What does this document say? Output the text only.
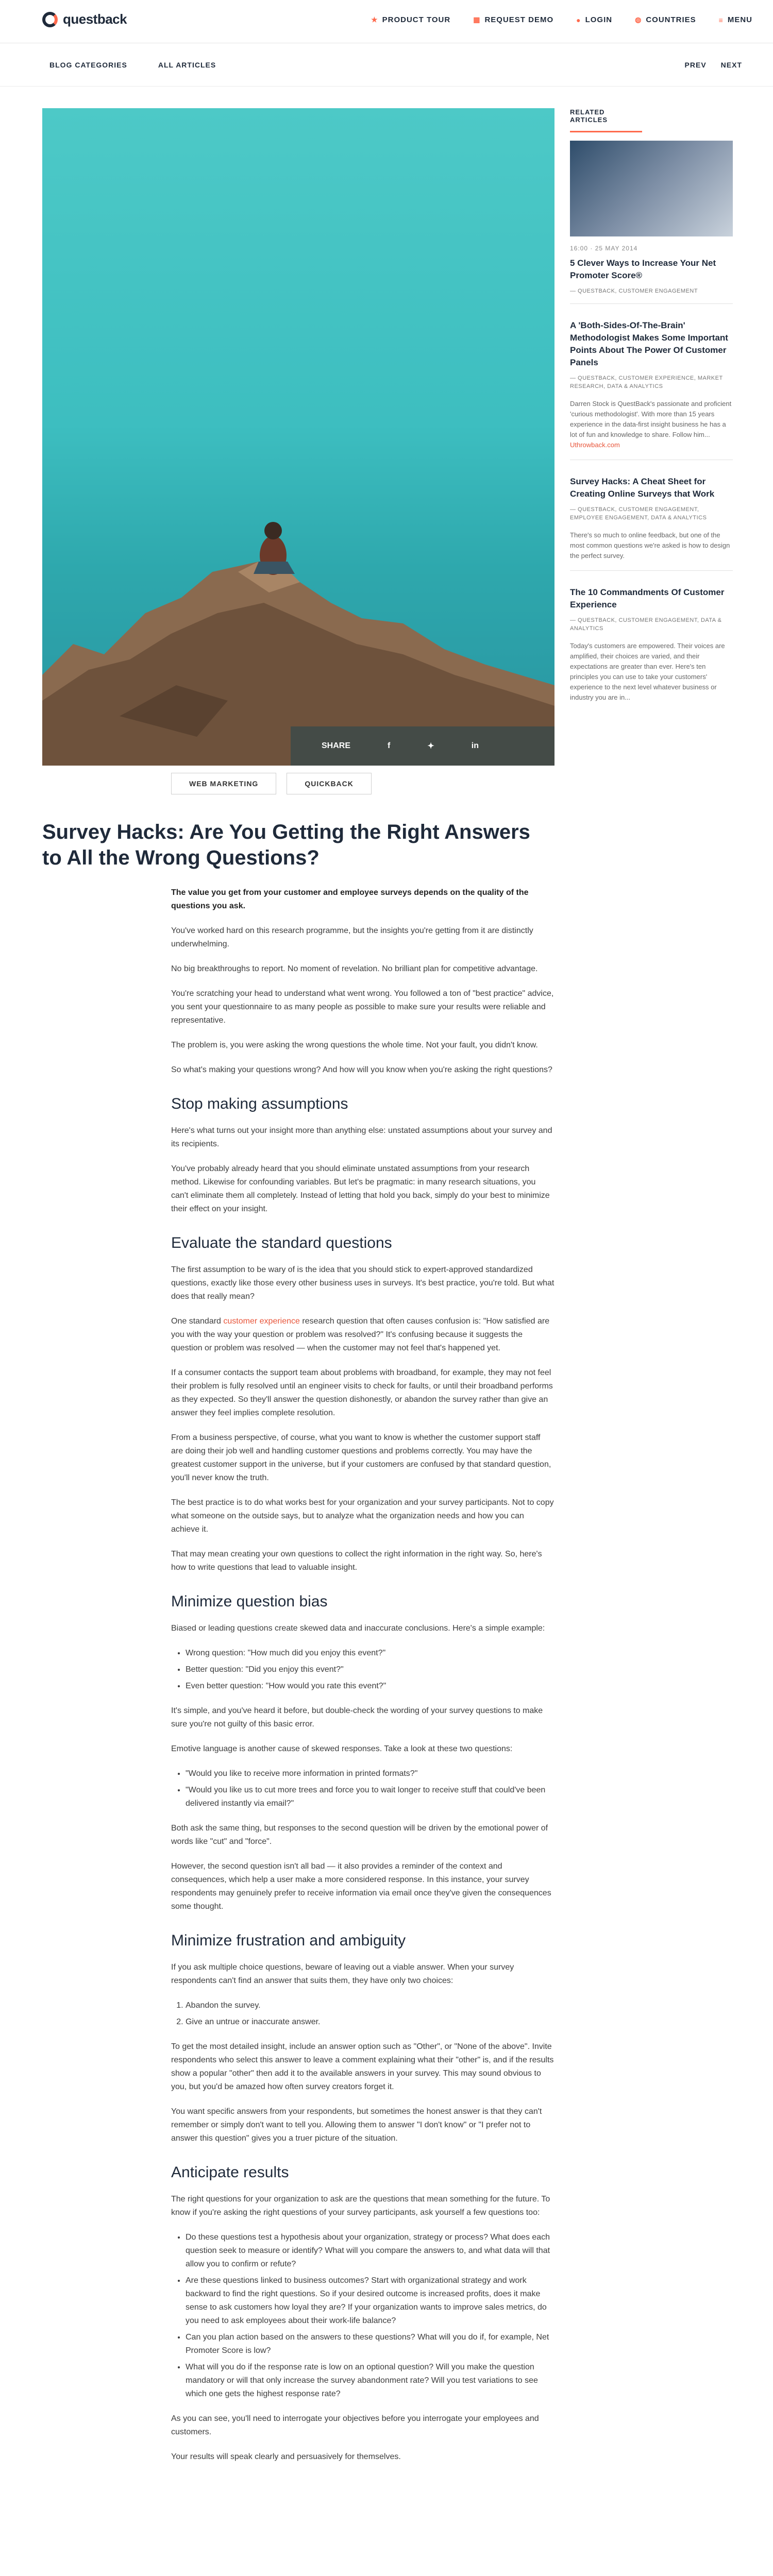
questback	★ PRODUCT TOUR	▦ REQUEST DEMO	● LOGIN	◍ COUNTRIES	≡ MENU
BLOG CATEGORIES	ALL ARTICLES	PREV NEXT
SHARE	f	✦	in
WEB MARKETING	QUICKBACK
Survey Hacks: Are You Getting the Right Answers to All the Wrong Questions?

The value you get from your customer and employee surveys depends on the quality of the questions you ask.

You've worked hard on this research programme, but the insights you're getting from it are distinctly underwhelming.

No big breakthroughs to report. No moment of revelation. No brilliant plan for competitive advantage.

You're scratching your head to understand what went wrong. You followed a ton of "best practice" advice, you sent your questionnaire to as many people as possible to make sure your results were reliable and representative.

The problem is, you were asking the wrong questions the whole time. Not your fault, you didn't know.

So what's making your questions wrong? And how will you know when you're asking the right questions?

Stop making assumptions

Here's what turns out your insight more than anything else: unstated assumptions about your survey and its recipients.

You've probably already heard that you should eliminate unstated assumptions from your research method. Likewise for confounding variables. But let's be pragmatic: in many research situations, you can't eliminate them all completely. Instead of letting that hold you back, simply do your best to minimize their effect on your insight.

Evaluate the standard questions

The first assumption to be wary of is the idea that you should stick to expert-approved standardized questions, exactly like those every other business uses in surveys. It's best practice, you're told. But what does that really mean?

One standard customer experience research question that often causes confusion is: "How satisfied are you with the way your question or problem was resolved?" It's confusing because it suggests the question or problem was resolved — when the customer may not feel that's happened yet.

If a consumer contacts the support team about problems with broadband, for example, they may not feel their problem is fully resolved until an engineer visits to check for faults, or until their broadband performs as they expected. So they'll answer the question dishonestly, or abandon the survey rather than give an answer they feel implies complete resolution.

From a business perspective, of course, what you want to know is whether the customer support staff are doing their job well and handling customer questions and problems correctly. You may have the greatest customer support in the universe, but if your customers are confused by that standard question, you'll never know the truth.

The best practice is to do what works best for your organization and your survey participants. Not to copy what someone on the outside says, but to analyze what the organization needs and how you can achieve it.

That may mean creating your own questions to collect the right information in the right way. So, here's how to write questions that lead to valuable insight.

Minimize question bias

Biased or leading questions create skewed data and inaccurate conclusions. Here's a simple example:

• Wrong question: "How much did you enjoy this event?"
• Better question: "Did you enjoy this event?"
• Even better question: "How would you rate this event?"

It's simple, and you've heard it before, but double-check the wording of your survey questions to make sure you're not guilty of this basic error.

Emotive language is another cause of skewed responses. Take a look at these two questions:

• "Would you like to receive more information in printed formats?"
• "Would you like us to cut more trees and force you to wait longer to receive stuff that could've been delivered instantly via email?"

Both ask the same thing, but responses to the second question will be driven by the emotional power of words like "cut" and "force".

However, the second question isn't all bad — it also provides a reminder of the context and consequences, which help a user make a more considered response. In this instance, your survey respondents may genuinely prefer to receive information via email once they've given the consequences some thought.

Minimize frustration and ambiguity

If you ask multiple choice questions, beware of leaving out a viable answer. When your survey respondents can't find an answer that suits them, they have only two choices:

1. Abandon the survey.
2. Give an untrue or inaccurate answer.

To get the most detailed insight, include an answer option such as "Other", or "None of the above". Invite respondents who select this answer to leave a comment explaining what their "other" is, and if the results show a popular "other" then add it to the available answers in your survey. This may sound obvious to you, but you'd be amazed how often survey creators forget it.

You want specific answers from your respondents, but sometimes the honest answer is that they can't remember or simply don't want to tell you. Allowing them to answer "I don't know" or "I prefer not to answer this question" gives you a truer picture of the situation.

Anticipate results

The right questions for your organization to ask are the questions that mean something for the future. To know if you're asking the right questions of your survey participants, ask yourself a few questions too:

• Do these questions test a hypothesis about your organization, strategy or process? What does each question seek to measure or identify? What will you compare the answers to, and what data will that allow you to confirm or refute?
• Are these questions linked to business outcomes? Start with organizational strategy and work backward to find the right questions. So if your desired outcome is increased profits, does it make sense to ask customers how loyal they are? If your organization wants to improve sales metrics, do you need to ask employees about their work-life balance?
• Can you plan action based on the answers to these questions? What will you do if, for example, Net Promoter Score is low?
• What will you do if the response rate is low on an optional question? Will you make the question mandatory or will that only increase the survey abandonment rate? Will you test variations to see which one gets the highest response rate?

As you can see, you'll need to interrogate your objectives before you interrogate your employees and customers.

Your results will speak clearly and persuasively for themselves.

RELATED ARTICLES
16:00 · 25 MAY 2014
5 Clever Ways to Increase Your Net Promoter Score®
— QUESTBACK, CUSTOMER ENGAGEMENT
A 'Both-Sides-Of-The-Brain' Methodologist Makes Some Important Points About The Power Of Customer Panels
— QUESTBACK, CUSTOMER EXPERIENCE, MARKET RESEARCH, DATA & ANALYTICS
Darren Stock is QuestBack's passionate and proficient 'curious methodologist'. With more than 15 years experience in the data-first insight business he has a lot of fun and knowledge to share. Follow him... Uthrowback.com
Survey Hacks: A Cheat Sheet for Creating Online Surveys that Work
— QUESTBACK, CUSTOMER ENGAGEMENT, EMPLOYEE ENGAGEMENT, DATA & ANALYTICS
There's so much to online feedback, but one of the most common questions we're asked is how to design the perfect survey.
The 10 Commandments Of Customer Experience
— QUESTBACK, CUSTOMER ENGAGEMENT, DATA & ANALYTICS
Today's customers are empowered. Their voices are amplified, their choices are varied, and their expectations are greater than ever. Here's ten principles you can use to take your customers' experience to the next level whatever business or industry you are in...
